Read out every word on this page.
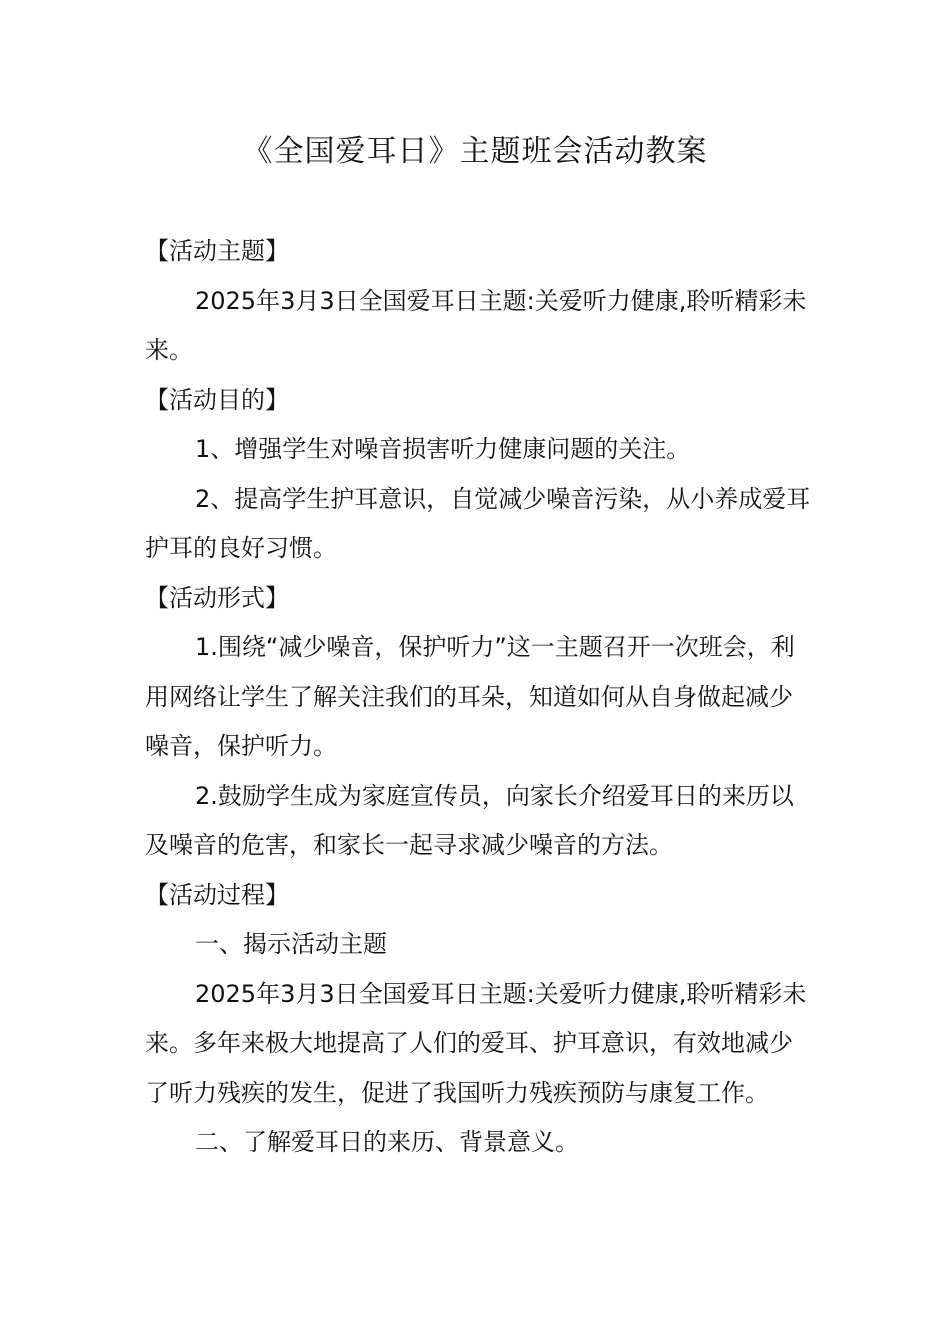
《全国爱耳日》主题班会活动教案

【活动主题】

2025年3月3日全国爱耳日主题:关爱听力健康,聆听精彩未来。

【活动目的】

1、增强学生对噪音损害听力健康问题的关注。

2、提高学生护耳意识，自觉减少噪音污染，从小养成爱耳护耳的良好习惯。

【活动形式】

1.围绕“减少噪音，保护听力”这一主题召开一次班会，利用网络让学生了解关注我们的耳朵，知道如何从自身做起减少噪音，保护听力。

2.鼓励学生成为家庭宣传员，向家长介绍爱耳日的来历以及噪音的危害，和家长一起寻求减少噪音的方法。

【活动过程】

一、揭示活动主题

2025年3月3日全国爱耳日主题:关爱听力健康,聆听精彩未来。多年来极大地提高了人们的爱耳、护耳意识，有效地减少了听力残疾的发生，促进了我国听力残疾预防与康复工作。

二、了解爱耳日的来历、背景意义。
